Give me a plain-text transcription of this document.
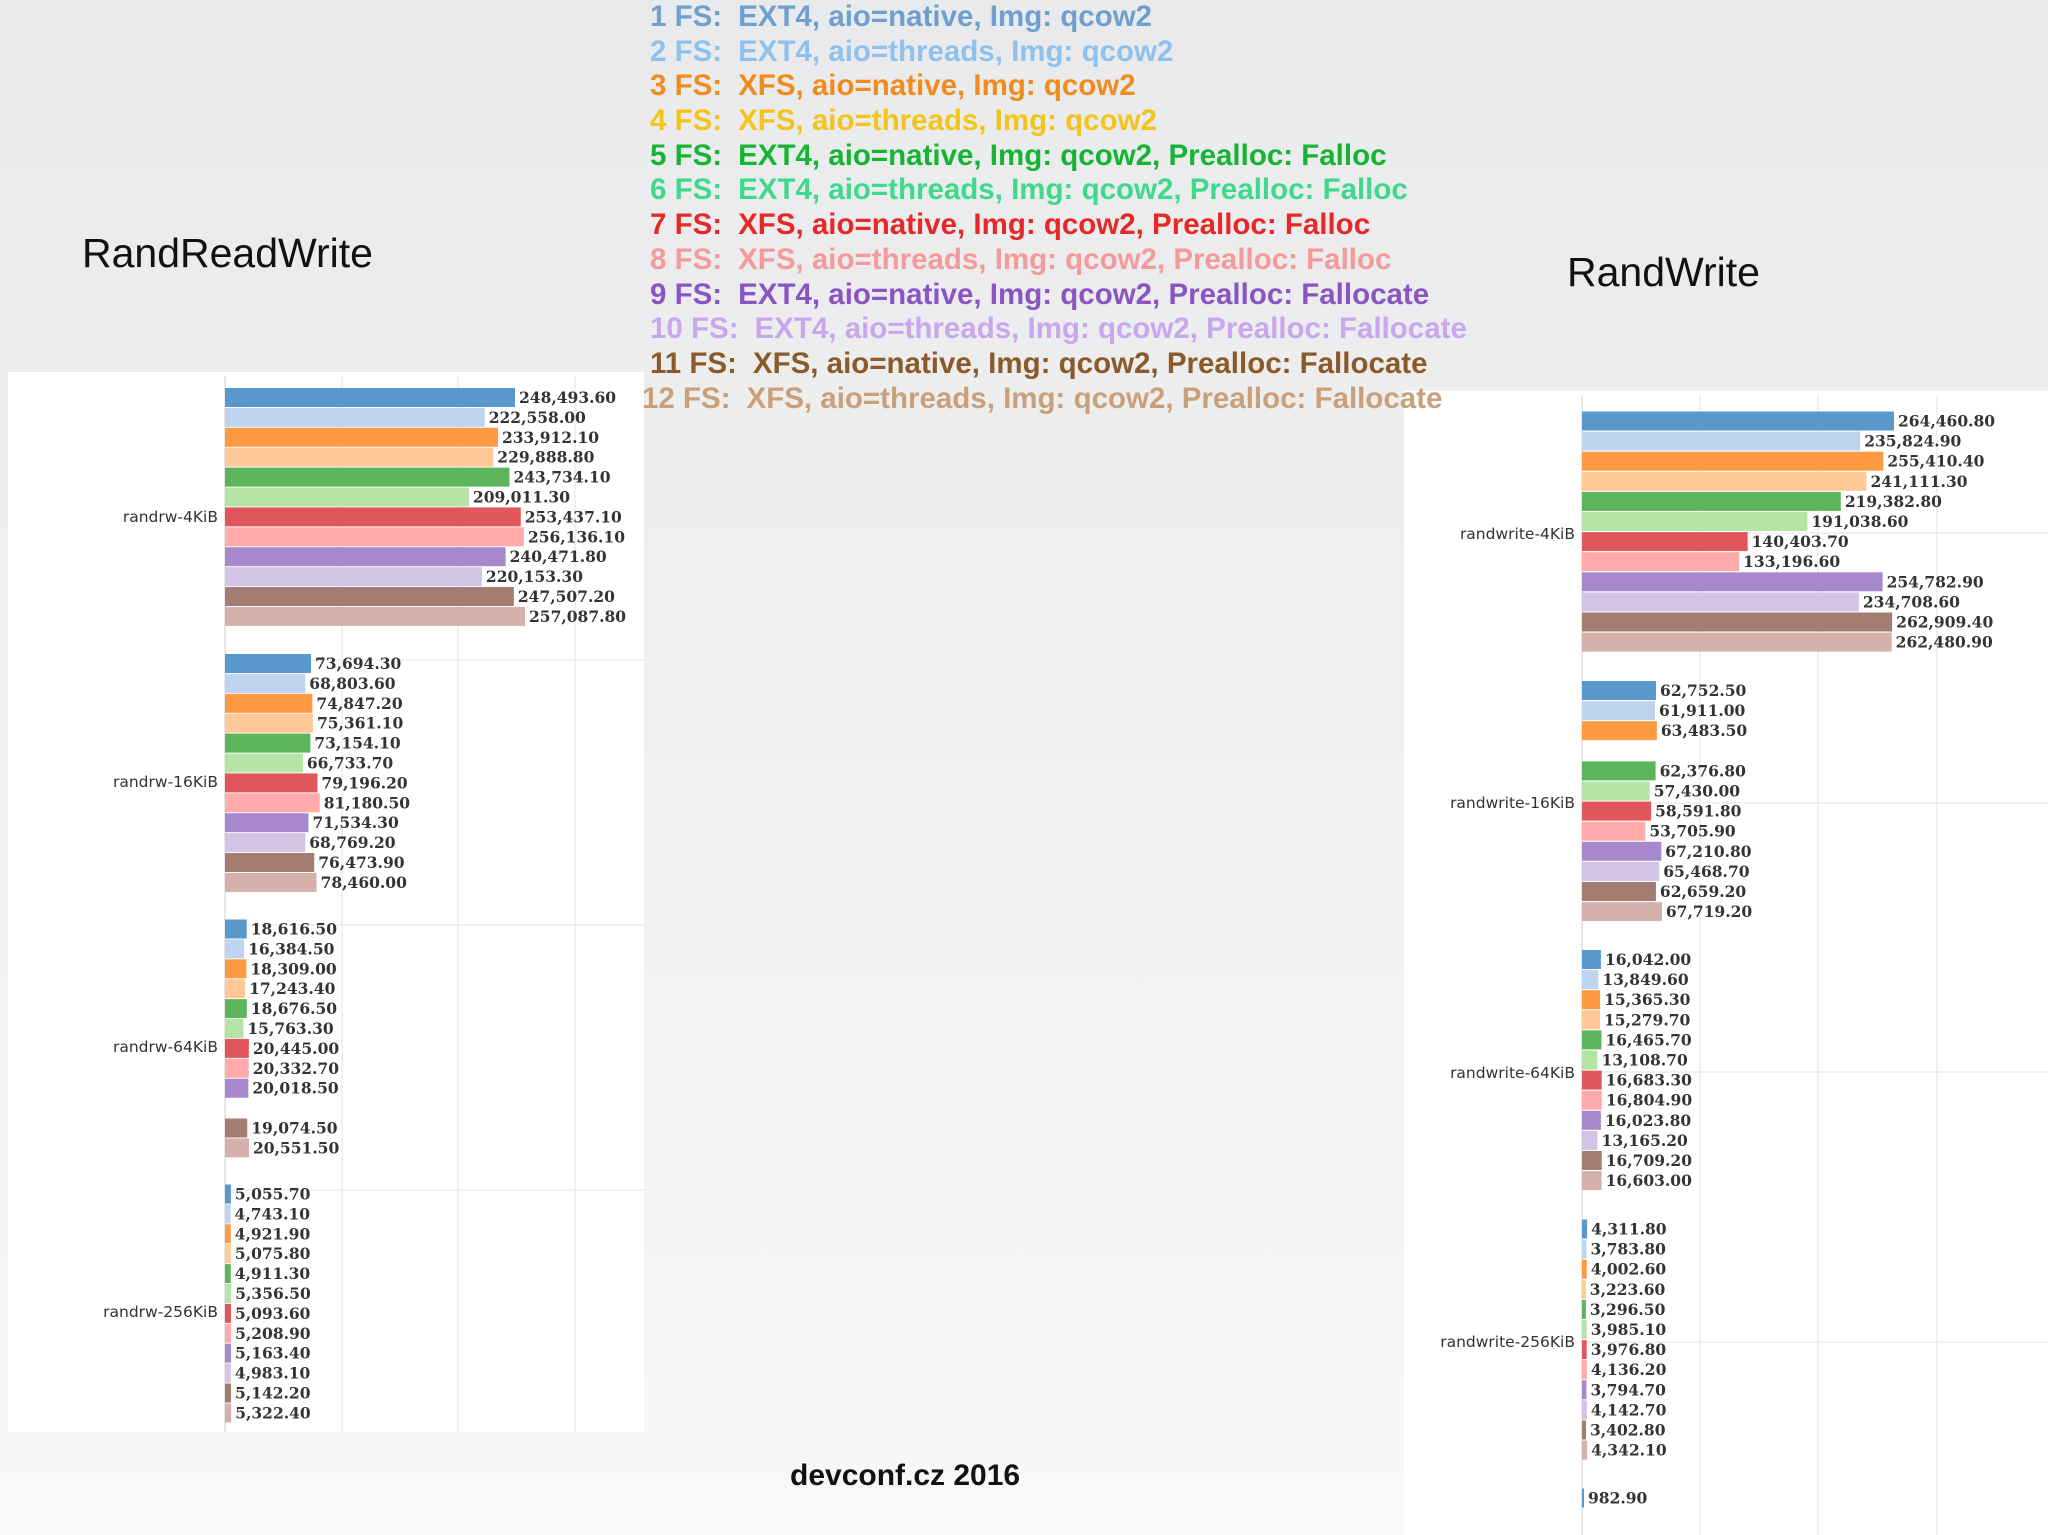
RandReadWrite	RandWrite
1 FS: EXT4, aio=native, Img: qcow2
2 FS: EXT4, aio=threads, Img: qcow2
3 FS: XFS, aio=native, Img: qcow2
4 FS: XFS, aio=threads, Img: qcow2
5 FS: EXT4, aio=native, Img: qcow2, Prealloc: Falloc
6 FS: EXT4, aio=threads, Img: qcow2, Prealloc: Falloc
7 FS: XFS, aio=native, Img: qcow2, Prealloc: Falloc
8 FS: XFS, aio=threads, Img: qcow2, Prealloc: Falloc
9 FS: EXT4, aio=native, Img: qcow2, Prealloc: Fallocate
10 FS: EXT4, aio=threads, Img: qcow2, Prealloc: Fallocate
11 FS: XFS, aio=native, Img: qcow2, Prealloc: Fallocate
12 FS: XFS, aio=threads, Img: qcow2, Prealloc: Fallocate
randrw-4KiB
248,493.60
222,558.00
233,912.10
229,888.80
243,734.10
209,011.30
253,437.10
256,136.10
240,471.80
220,153.30
247,507.20
257,087.80
randrw-16KiB
73,694.30
68,803.60
74,847.20
75,361.10
73,154.10
66,733.70
79,196.20
81,180.50
71,534.30
68,769.20
76,473.90
78,460.00
randrw-64KiB
18,616.50
16,384.50
18,309.00
17,243.40
18,676.50
15,763.30
20,445.00
20,332.70
20,018.50
19,074.50
20,551.50
randrw-256KiB
5,055.70
4,743.10
4,921.90
5,075.80
4,911.30
5,356.50
5,093.60
5,208.90
5,163.40
4,983.10
5,142.20
5,322.40
randwrite-4KiB
264,460.80
235,824.90
255,410.40
241,111.30
219,382.80
191,038.60
140,403.70
133,196.60
254,782.90
234,708.60
262,909.40
262,480.90
randwrite-16KiB
62,752.50
61,911.00
63,483.50
62,376.80
57,430.00
58,591.80
53,705.90
67,210.80
65,468.70
62,659.20
67,719.20
randwrite-64KiB
16,042.00
13,849.60
15,365.30
15,279.70
16,465.70
13,108.70
16,683.30
16,804.90
16,023.80
13,165.20
16,709.20
16,603.00
randwrite-256KiB
4,311.80
3,783.80
4,002.60
3,223.60
3,296.50
3,985.10
3,976.80
4,136.20
3,794.70
4,142.70
3,402.80
4,342.10
982.90
devconf.cz 2016
